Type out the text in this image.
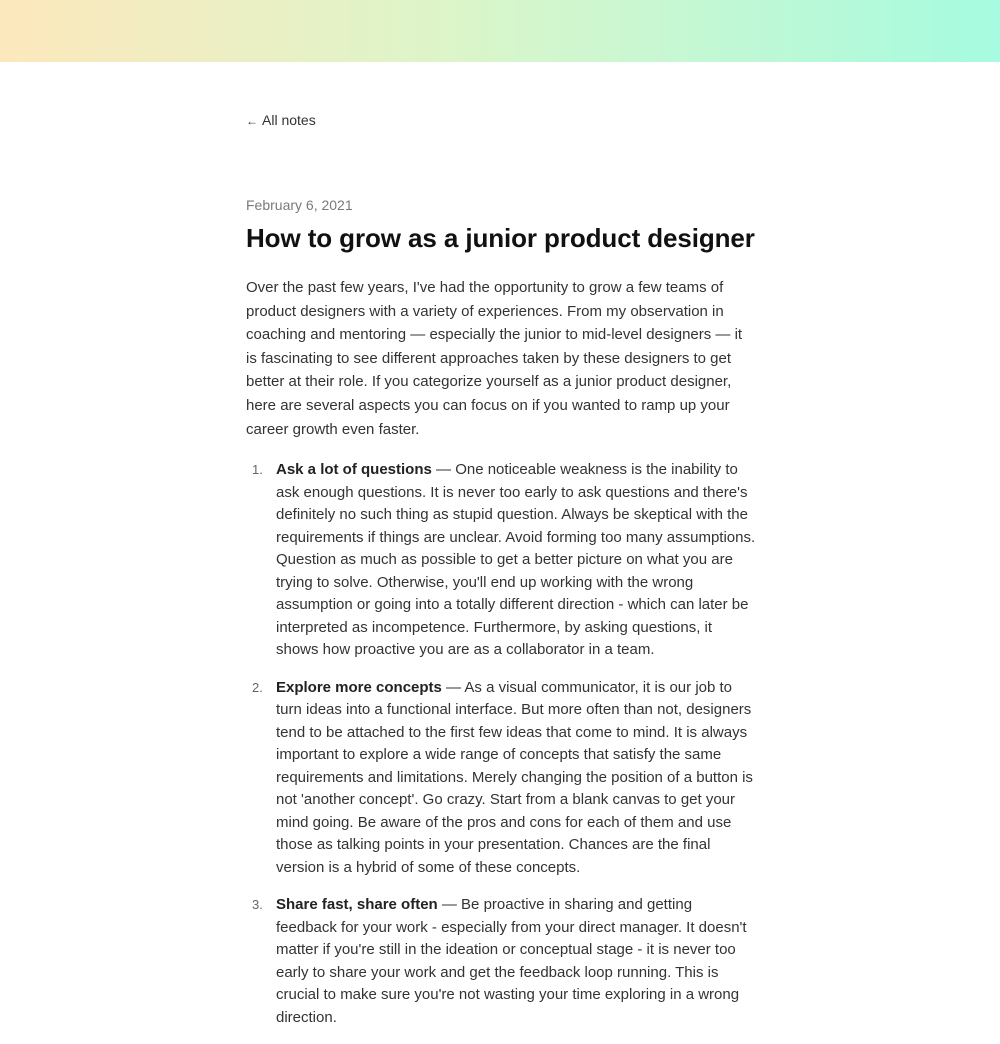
← All notes
February 6, 2021
How to grow as a junior product designer

Over the past few years, I've had the opportunity to grow a few teams of product designers with a variety of experiences. From my observation in coaching and mentoring — especially the junior to mid-level designers — it is fascinating to see different approaches taken by these designers to get better at their role. If you categorize yourself as a junior product designer, here are several aspects you can focus on if you wanted to ramp up your career growth even faster.

1. Ask a lot of questions — One noticeable weakness is the inability to ask enough questions. It is never too early to ask questions and there's definitely no such thing as stupid question. Always be skeptical with the requirements if things are unclear. Avoid forming too many assumptions. Question as much as possible to get a better picture on what you are trying to solve. Otherwise, you'll end up working with the wrong assumption or going into a totally different direction - which can later be interpreted as incompetence. Furthermore, by asking questions, it shows how proactive you are as a collaborator in a team.
2. Explore more concepts — As a visual communicator, it is our job to turn ideas into a functional interface. But more often than not, designers tend to be attached to the first few ideas that come to mind. It is always important to explore a wide range of concepts that satisfy the same requirements and limitations. Merely changing the position of a button is not 'another concept'. Go crazy. Start from a blank canvas to get your mind going. Be aware of the pros and cons for each of them and use those as talking points in your presentation. Chances are the final version is a hybrid of some of these concepts.
3. Share fast, share often — Be proactive in sharing and getting feedback for your work - especially from your direct manager. It doesn't matter if you're still in the ideation or conceptual stage - it is never too early to share your work and get the feedback loop running. This is crucial to make sure you're not wasting your time exploring in a wrong direction.
